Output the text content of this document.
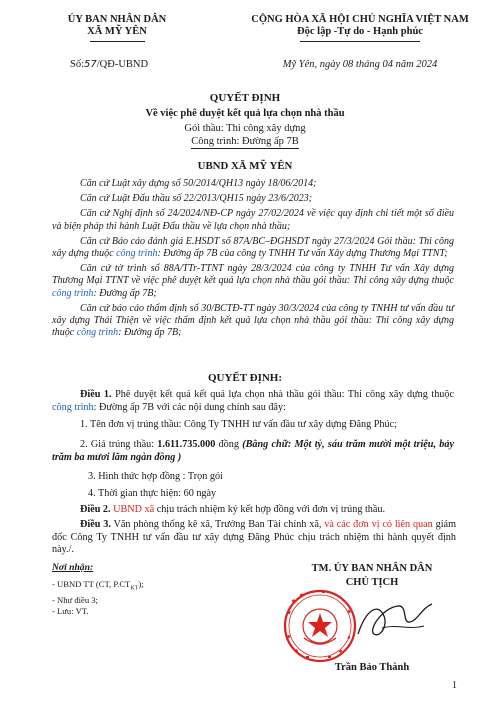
ỦY BAN NHÂN DÂN
XÃ MỸ YÊN
Số:57/QĐ-UBND
CỘNG HÒA XÃ HỘI CHỦ NGHĨA VIỆT NAM
Độc lập -Tự do - Hạnh phúc
Mỹ Yên, ngày 08 tháng 04 năm 2024
QUYẾT ĐỊNH
Về việc phê duyệt kết quả lựa chọn nhà thầu
Gói thầu: Thi công xây dựng
Công trình: Đường ấp 7B
UBND XÃ MỸ YÊN
Căn cứ Luật xây dựng số 50/2014/QH13 ngày 18/06/2014;
Căn cứ Luật Đấu thầu số 22/2013/QH15 ngày 23/6/2023;
Căn cứ Nghị định số 24/2024/NĐ-CP ngày 27/02/2024 về việc quy định chi tiết một số điều và biện pháp thi hành Luật Đấu thầu về lựa chọn nhà thầu;
Căn cứ Báo cáo đánh giá E.HSDT số 87A/BC–ĐGHSDT ngày 27/3/2024 Gói thầu: Thi công xây dựng thuộc công trình: Đường ấp 7B của công ty TNHH Tư vấn Xây dựng Thương Mại TTNT;
Căn cứ tờ trình số 88A/TTr-TTNT ngày 28/3/2024 của công ty TNHH Tư vấn Xây dựng Thương Mại TTNT về việc phê duyệt kết quả lựa chọn nhà thầu gói thầu: Thi công xây dựng thuộc công trình: Đường ấp 7B;
Căn cứ báo cáo thẩm định số 30/BCTĐ-TT ngày 30/3/2024 của công ty TNHH tư vấn đầu tư xây dựng Thái Thiện về việc thẩm định kết quả lựa chọn nhà thầu gói thầu: Thi công xây dựng thuộc công trình: Đường ấp 7B;
QUYẾT ĐỊNH:
Điều 1. Phê duyệt kết quả kết quả lựa chọn nhà thầu gói thầu: Thi công xây dựng thuộc công trình: Đường ấp 7B với các nội dung chính sau đây:
1. Tên đơn vị trúng thầu: Công Ty TNHH tư vấn đầu tư xây dựng Đăng Phúc;
2. Giá trúng thầu: 1.611.735.000 đồng (Bằng chữ: Một tỷ, sáu trăm mười một triệu, bảy trăm ba mươi lăm ngàn đồng )
3. Hình thức hợp đồng : Trọn gói
4. Thời gian thực hiện: 60 ngày
Điều 2. UBND xã chịu trách nhiệm ký kết hợp đồng với đơn vị trúng thầu.
Điều 3. Văn phòng thống kê xã, Trưởng Ban Tài chính xã, và các đơn vị có liên quan giám đốc Công Ty TNHH tư vấn đầu tư xây dựng Đăng Phúc chịu trách nhiệm thi hành quyết định này./.
Nơi nhận:
- UBND TT (CT, $P.CT_{KT}$);
- Như điều 3;
- Lưu: VT.
TM. ỦY BAN NHÂN DÂN
CHỦ TỊCH
Trần Bảo Thành
1
